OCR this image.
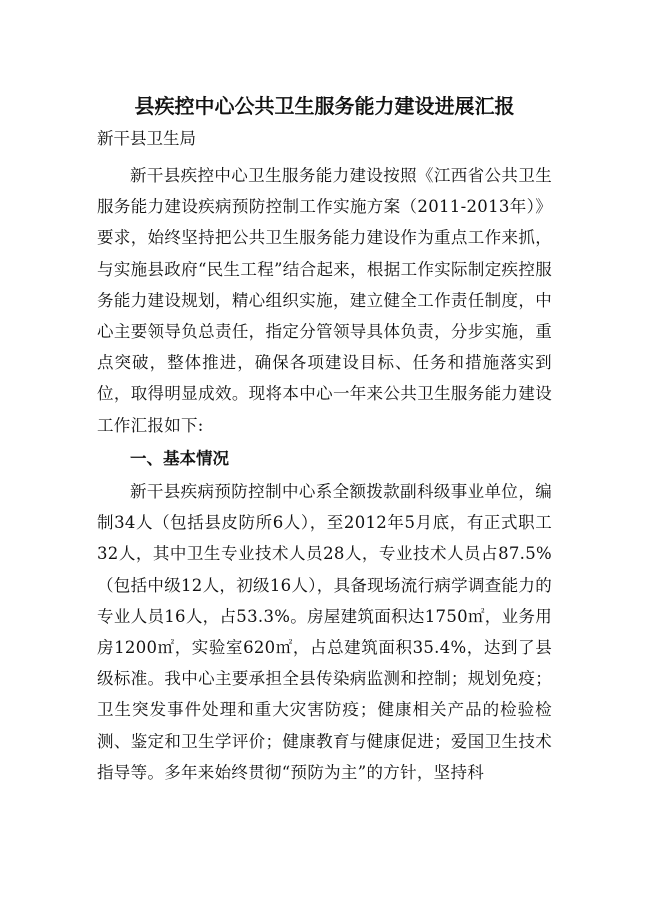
县疾控中心公共卫生服务能力建设进展汇报
新干县卫生局

新干县疾控中心卫生服务能力建设按照《江西省公共卫生服务能力建设疾病预防控制工作实施方案（2011-2013年）》要求，始终坚持把公共卫生服务能力建设作为重点工作来抓，与实施县政府“民生工程”结合起来，根据工作实际制定疾控服务能力建设规划，精心组织实施，建立健全工作责任制度，中心主要领导负总责任，指定分管领导具体负责，分步实施，重点突破，整体推进，确保各项建设目标、任务和措施落实到位，取得明显成效。现将本中心一年来公共卫生服务能力建设工作汇报如下:

一、基本情况

新干县疾病预防控制中心系全额拨款副科级事业单位，编制34人（包括县皮防所6人），至2012年5月底，有正式职工32人，其中卫生专业技术人员28人，专业技术人员占87.5%（包括中级12人，初级16人），具备现场流行病学调查能力的专业人员16人，占53.3%。房屋建筑面积达1750㎡，业务用房1200㎡，实验室620㎡，占总建筑面积35.4%，达到了县级标准。我中心主要承担全县传染病监测和控制；规划免疫；卫生突发事件处理和重大灾害防疫；健康相关产品的检验检测、鉴定和卫生学评价；健康教育与健康促进；爱国卫生技术指导等。多年来始终贯彻“预防为主”的方针，坚持科
